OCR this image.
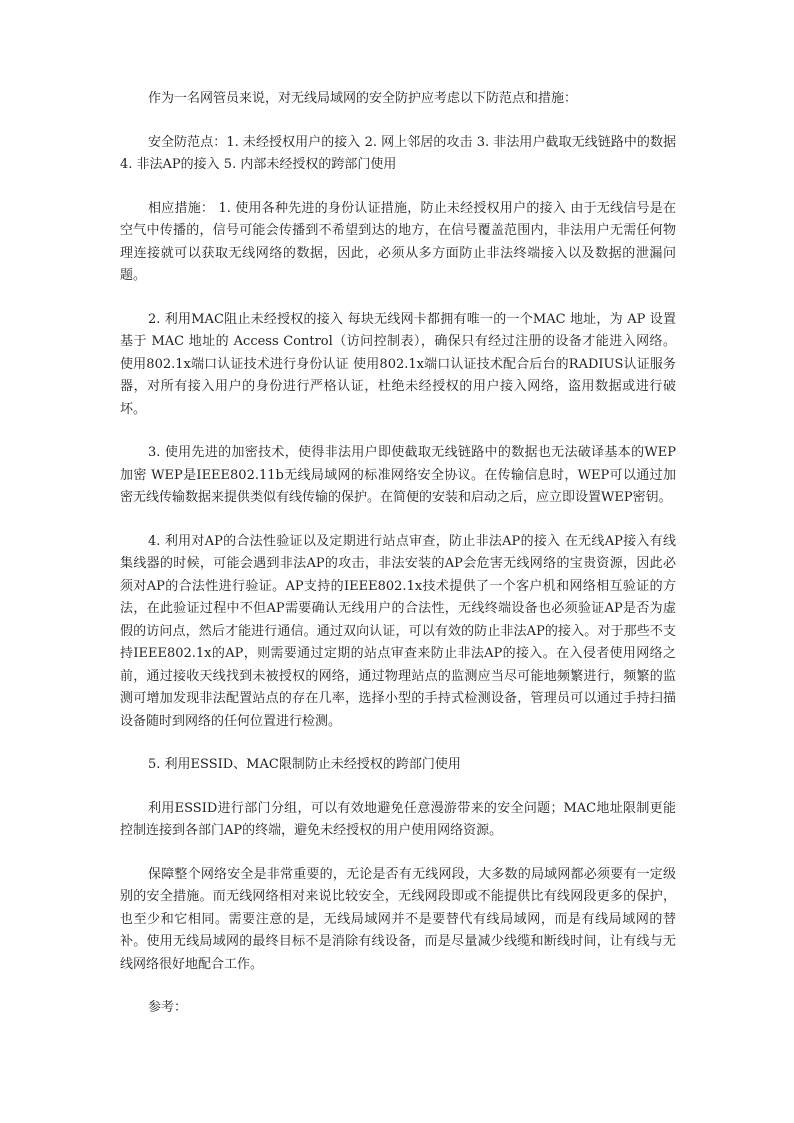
作为一名网管员来说，对无线局域网的安全防护应考虑以下防范点和措施：

安全防范点：1. 未经授权用户的接入 2. 网上邻居的攻击 3. 非法用户截取无线链路中的数据 4. 非法AP的接入 5. 内部未经授权的跨部门使用

相应措施： 1. 使用各种先进的身份认证措施，防止未经授权用户的接入 由于无线信号是在空气中传播的，信号可能会传播到不希望到达的地方，在信号覆盖范围内，非法用户无需任何物理连接就可以获取无线网络的数据，因此，必须从多方面防止非法终端接入以及数据的泄漏问题。

2. 利用MAC阻止未经授权的接入 每块无线网卡都拥有唯一的一个MAC 地址，为 AP 设置基于 MAC 地址的 Access Control（访问控制表），确保只有经过注册的设备才能进入网络。 使用802.1x端口认证技术进行身份认证 使用802.1x端口认证技术配合后台的RADIUS认证服务器，对所有接入用户的身份进行严格认证，杜绝未经授权的用户接入网络，盗用数据或进行破坏。

3. 使用先进的加密技术，使得非法用户即使截取无线链路中的数据也无法破译基本的WEP加密 WEP是IEEE802.11b无线局域网的标准网络安全协议。在传输信息时，WEP可以通过加密无线传输数据来提供类似有线传输的保护。在简便的安装和启动之后，应立即设置WEP密钥。

4. 利用对AP的合法性验证以及定期进行站点审查，防止非法AP的接入 在无线AP接入有线集线器的时候，可能会遇到非法AP的攻击，非法安装的AP会危害无线网络的宝贵资源，因此必须对AP的合法性进行验证。AP支持的IEEE802.1x技术提供了一个客户机和网络相互验证的方法，在此验证过程中不但AP需要确认无线用户的合法性，无线终端设备也必须验证AP是否为虚假的访问点，然后才能进行通信。通过双向认证，可以有效的防止非法AP的接入。对于那些不支持IEEE802.1x的AP，则需要通过定期的站点审查来防止非法AP的接入。在入侵者使用网络之前，通过接收天线找到未被授权的网络，通过物理站点的监测应当尽可能地频繁进行，频繁的监测可增加发现非法配置站点的存在几率，选择小型的手持式检测设备，管理员可以通过手持扫描设备随时到网络的任何位置进行检测。

5. 利用ESSID、MAC限制防止未经授权的跨部门使用

利用ESSID进行部门分组，可以有效地避免任意漫游带来的安全问题；MAC地址限制更能控制连接到各部门AP的终端，避免未经授权的用户使用网络资源。

保障整个网络安全是非常重要的，无论是否有无线网段，大多数的局域网都必须要有一定级别的安全措施。而无线网络相对来说比较安全，无线网段即或不能提供比有线网段更多的保护，也至少和它相同。需要注意的是，无线局域网并不是要替代有线局域网，而是有线局域网的替补。使用无线局域网的最终目标不是消除有线设备，而是尽量减少线缆和断线时间，让有线与无线网络很好地配合工作。

参考：
